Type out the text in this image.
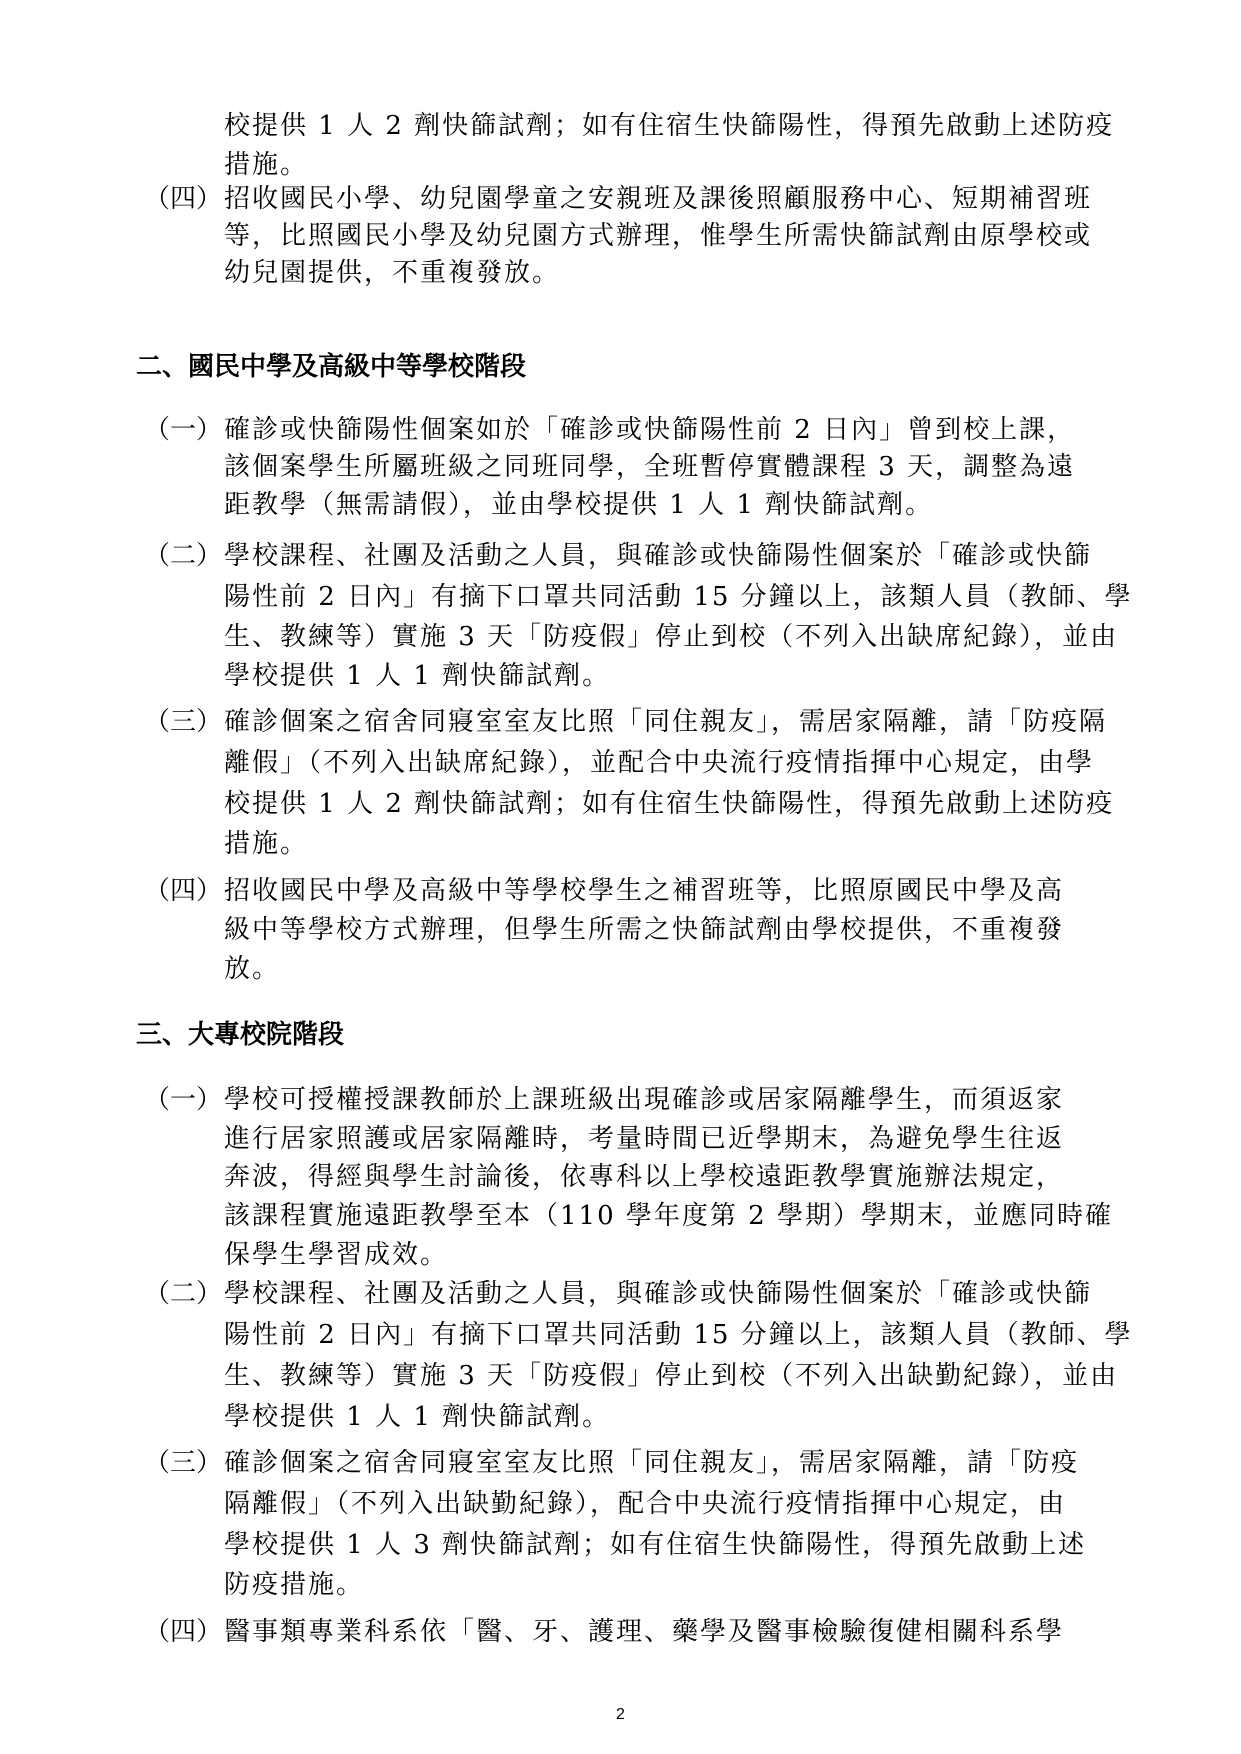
校提供 1 人 2 劑快篩試劑；如有住宿生快篩陽性，得預先啟動上述防疫
措施。
（四） 招收國民小學、幼兒園學童之安親班及課後照顧服務中心、短期補習班
等，比照國民小學及幼兒園方式辦理，惟學生所需快篩試劑由原學校或
幼兒園提供，不重複發放。
二、國民中學及高級中等學校階段
（一） 確診或快篩陽性個案如於「確診或快篩陽性前 2 日內」曾到校上課，
該個案學生所屬班級之同班同學，全班暫停實體課程 3 天，調整為遠
距教學（無需請假），並由學校提供 1 人 1 劑快篩試劑。
（二） 學校課程、社團及活動之人員，與確診或快篩陽性個案於「確診或快篩
陽性前 2 日內」有摘下口罩共同活動 15 分鐘以上，該類人員（教師、學
生、教練等）實施 3 天「防疫假」停止到校（不列入出缺席紀錄），並由
學校提供 1 人 1 劑快篩試劑。
（三） 確診個案之宿舍同寢室室友比照「同住親友」，需居家隔離，請「防疫隔
離假」（不列入出缺席紀錄），並配合中央流行疫情指揮中心規定，由學
校提供 1 人 2 劑快篩試劑；如有住宿生快篩陽性，得預先啟動上述防疫
措施。
（四） 招收國民中學及高級中等學校學生之補習班等，比照原國民中學及高
級中等學校方式辦理，但學生所需之快篩試劑由學校提供，不重複發
放。
三、大專校院階段
（一） 學校可授權授課教師於上課班級出現確診或居家隔離學生，而須返家
進行居家照護或居家隔離時，考量時間已近學期末，為避免學生往返
奔波，得經與學生討論後，依專科以上學校遠距教學實施辦法規定，
該課程實施遠距教學至本（110 學年度第 2 學期）學期末，並應同時確
保學生學習成效。
（二） 學校課程、社團及活動之人員，與確診或快篩陽性個案於「確診或快篩
陽性前 2 日內」有摘下口罩共同活動 15 分鐘以上，該類人員（教師、學
生、教練等）實施 3 天「防疫假」停止到校（不列入出缺勤紀錄），並由
學校提供 1 人 1 劑快篩試劑。
（三） 確診個案之宿舍同寢室室友比照「同住親友」，需居家隔離，請「防疫
隔離假」（不列入出缺勤紀錄），配合中央流行疫情指揮中心規定，由
學校提供 1 人 3 劑快篩試劑；如有住宿生快篩陽性，得預先啟動上述
防疫措施。
（四） 醫事類專業科系依「醫、牙、護理、藥學及醫事檢驗復健相關科系學
2
